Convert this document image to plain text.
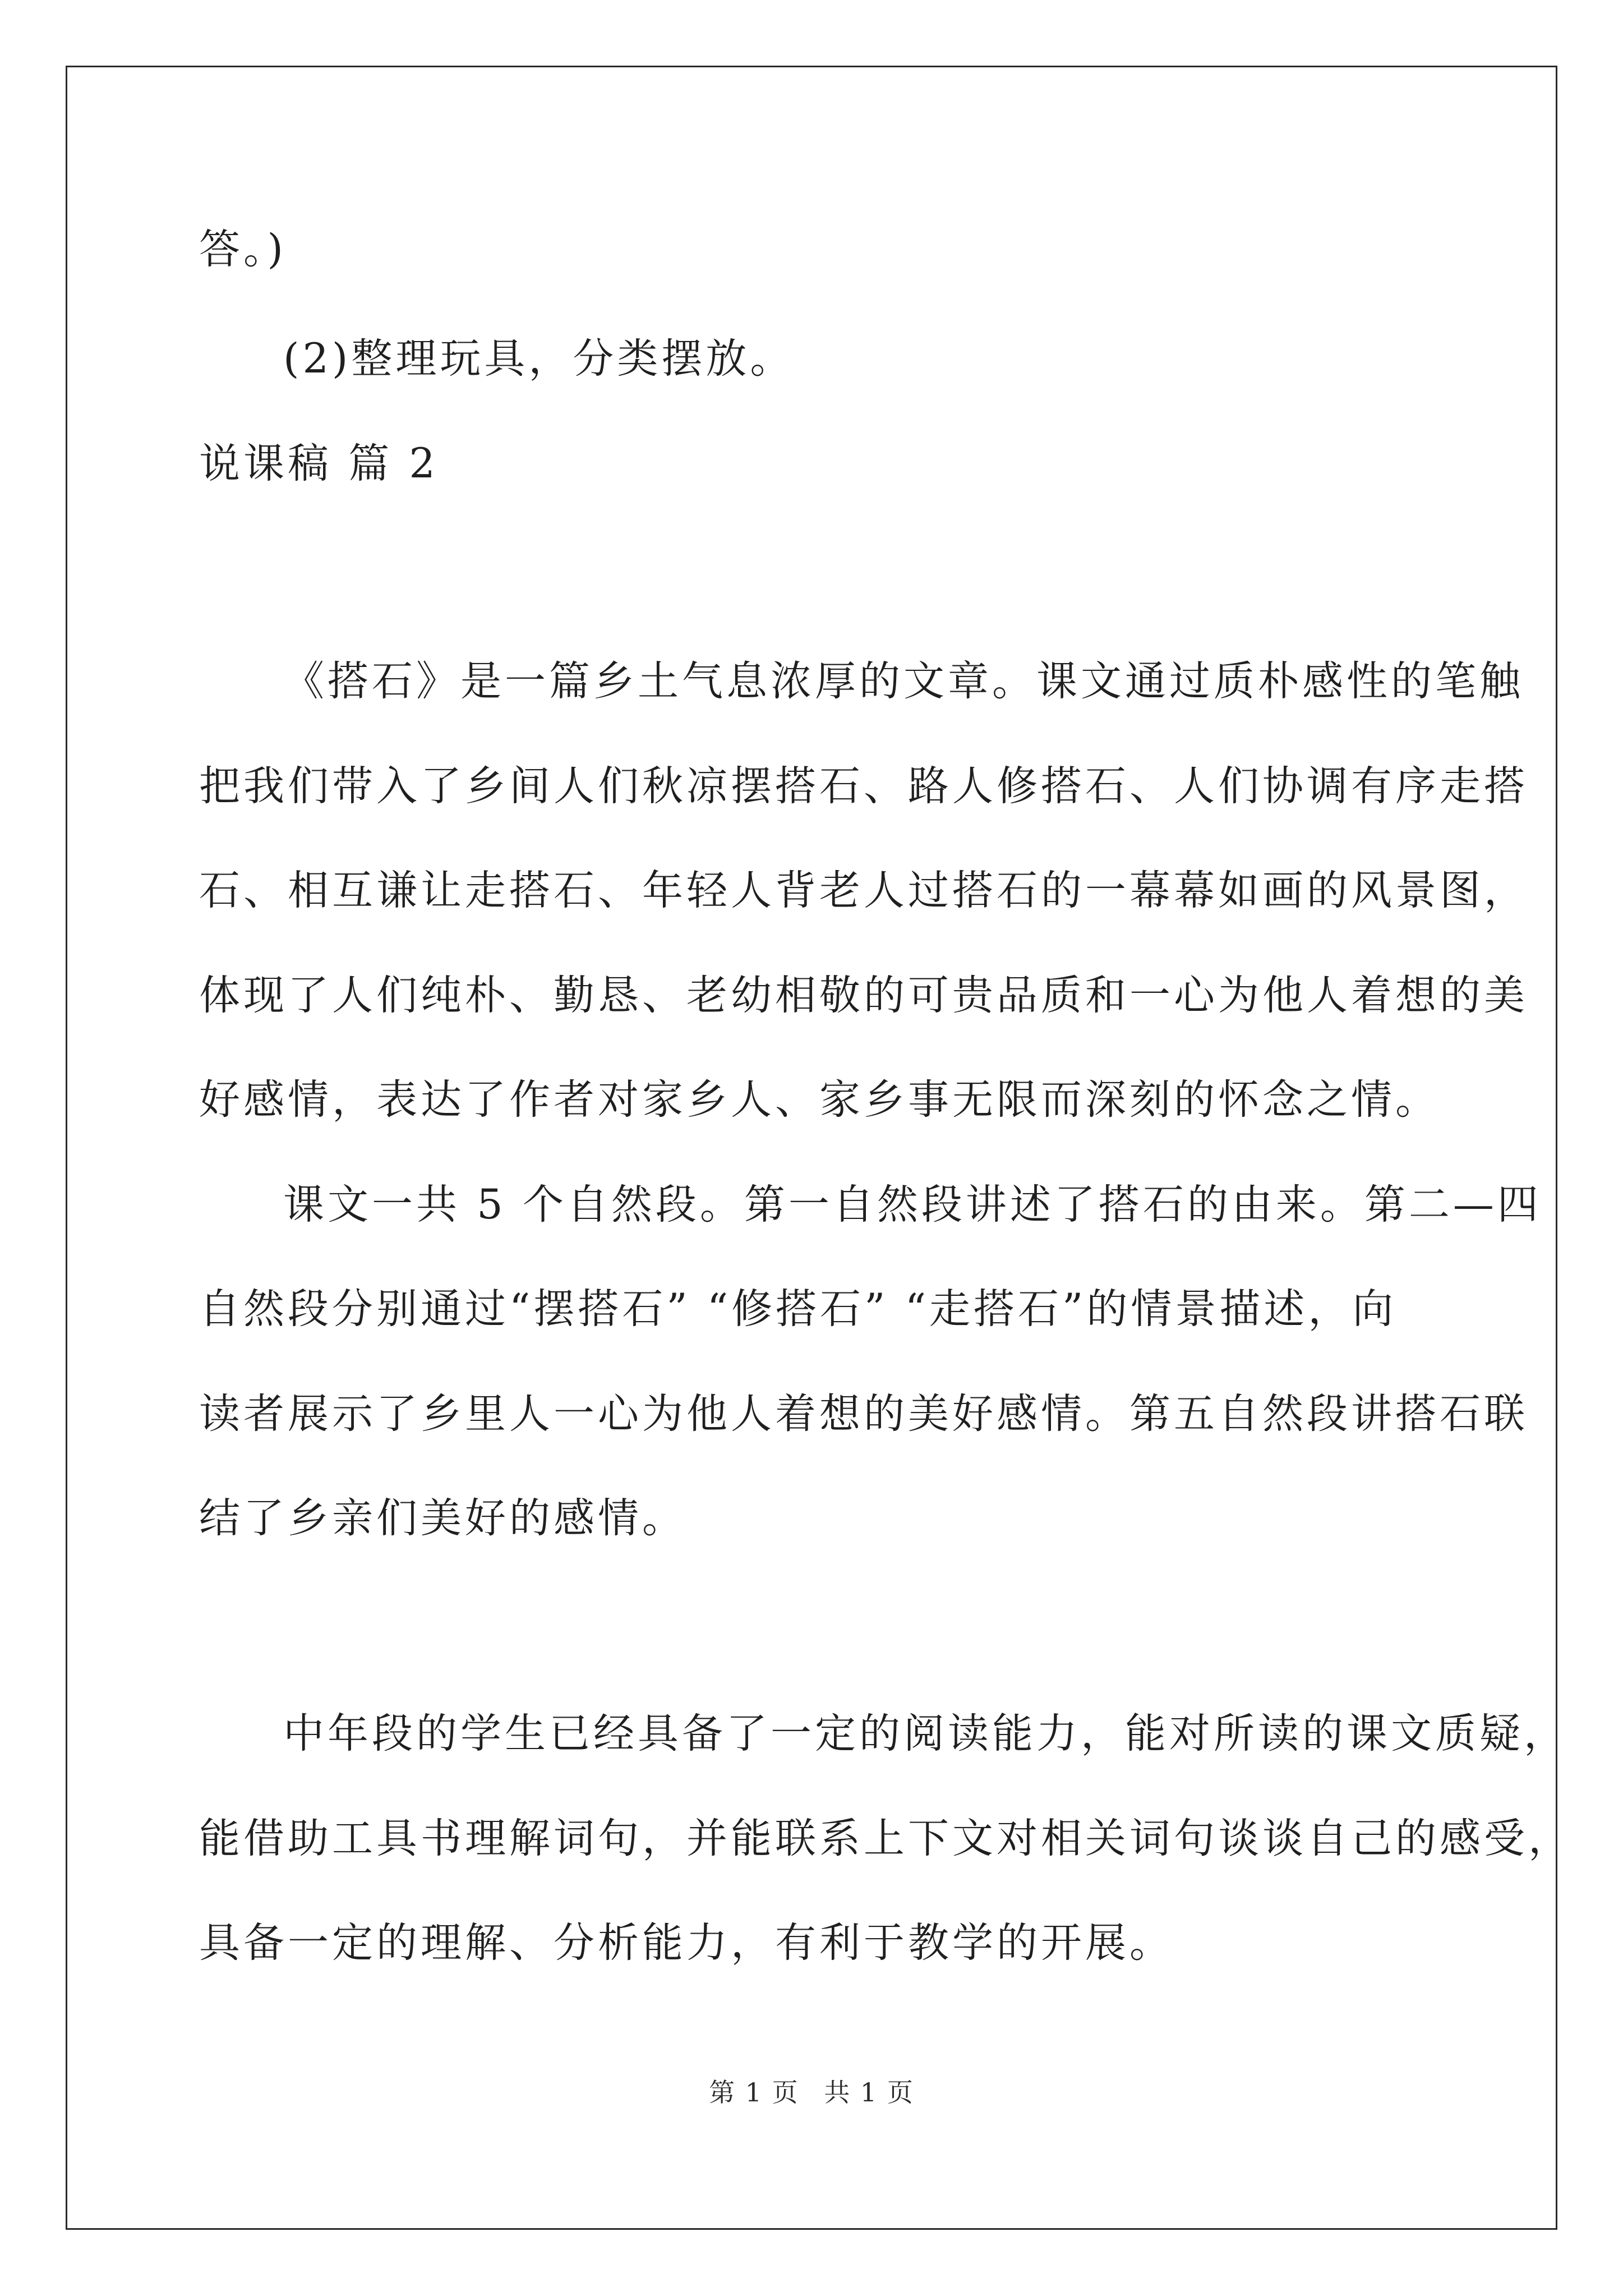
答。)
(2)整理玩具，分类摆放。
说课稿 篇 2
《搭石》是一篇乡土气息浓厚的文章。课文通过质朴感性的笔触
把我们带入了乡间人们秋凉摆搭石、路人修搭石、人们协调有序走搭
石、相互谦让走搭石、年轻人背老人过搭石的一幕幕如画的风景图，
体现了人们纯朴、勤恳、老幼相敬的可贵品质和一心为他人着想的美
好感情，表达了作者对家乡人、家乡事无限而深刻的怀念之情。
课文一共 5 个自然段。第一自然段讲述了搭石的由来。第二—四
自然段分别通过“摆搭石” “修搭石” “走搭石”的情景描述，向
读者展示了乡里人一心为他人着想的美好感情。第五自然段讲搭石联
结了乡亲们美好的感情。
中年段的学生已经具备了一定的阅读能力，能对所读的课文质疑，
能借助工具书理解词句，并能联系上下文对相关词句谈谈自己的感受，
具备一定的理解、分析能力，有利于教学的开展。
第 1 页 共 1 页
